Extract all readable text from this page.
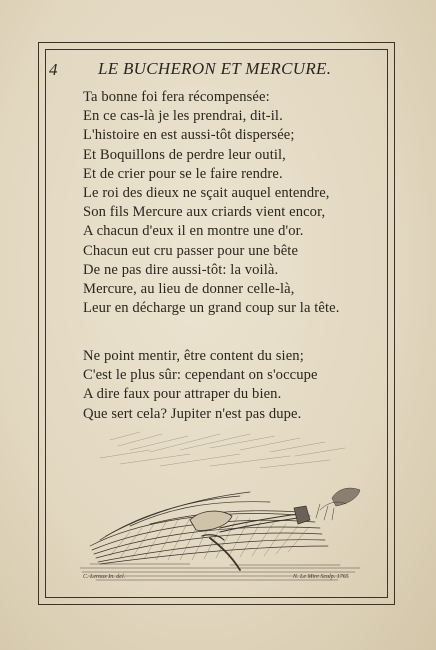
4 LE BUCHERON ET MERCURE.
Ta bonne foi fera récompensée:
En ce cas-là je les prendrai, dit-il.
L'histoire en est aussi-tôt dispersée;
Et Boquillons de perdre leur outil,
Et de crier pour se le faire rendre.
Le roi des dieux ne sçait auquel entendre,
Son fils Mercure aux criards vient encor,
A chacun d'eux il en montre une d'or.
Chacun eut cru passer pour une bête
De ne pas dire aussi-tôt: la voilà.
Mercure, au lieu de donner celle-là,
Leur en décharge un grand coup sur la tête.
Ne point mentir, être content du sien;
C'est le plus sûr: cependant on s'occupe
A dire faux pour attraper du bien.
Que sert cela? Jupiter n'est pas dupe.
C. Leroux In. del.	N. Le Mire Sculp. 1765
